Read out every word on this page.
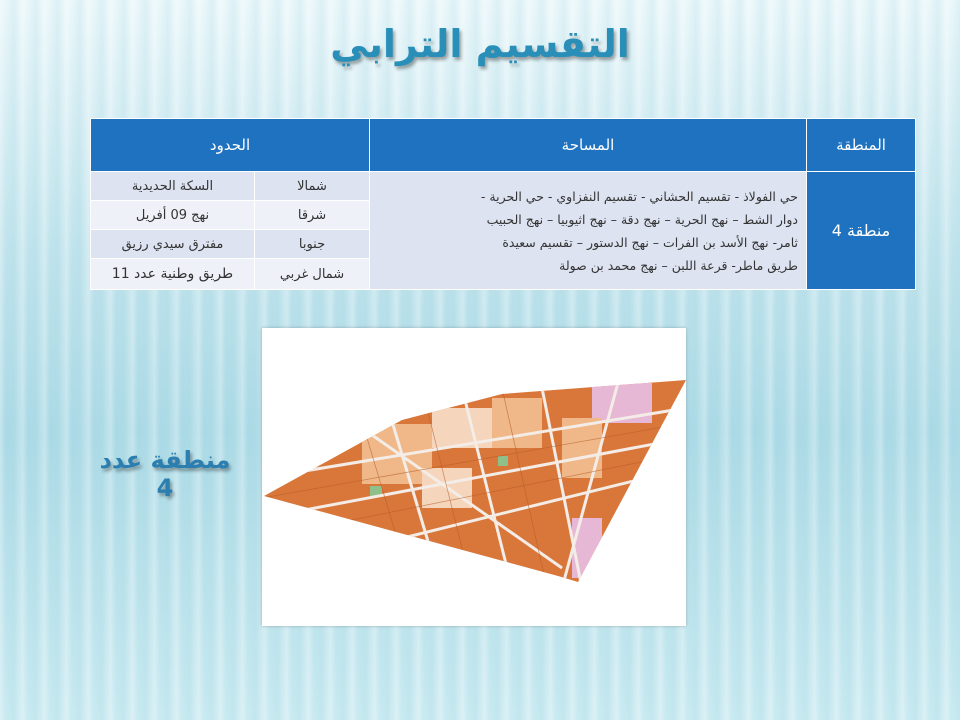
التقسيم الترابي
المنطقة	المساحة	الحدود	
منطقة 4	حي الفولاذ - تقسيم الحشاني - تقسيم النفزاوي - حي الحرية -
دوار الشط – نهج الحرية – نهج دقة – نهج اثيوبيا – نهج الحبيب
ثامر- نهج الأسد بن الفرات – نهج الدستور – تقسيم سعيدة
طريق ماطر- قرعة اللبن – نهج محمد بن صولة	شمالا	السكة الحديدية
		شرقا	نهج 09 أفريل
		جنوبا	مفترق سيدي رزيق
		شمال غربي	طريق وطنية عدد 11
منطقة عدد 4
